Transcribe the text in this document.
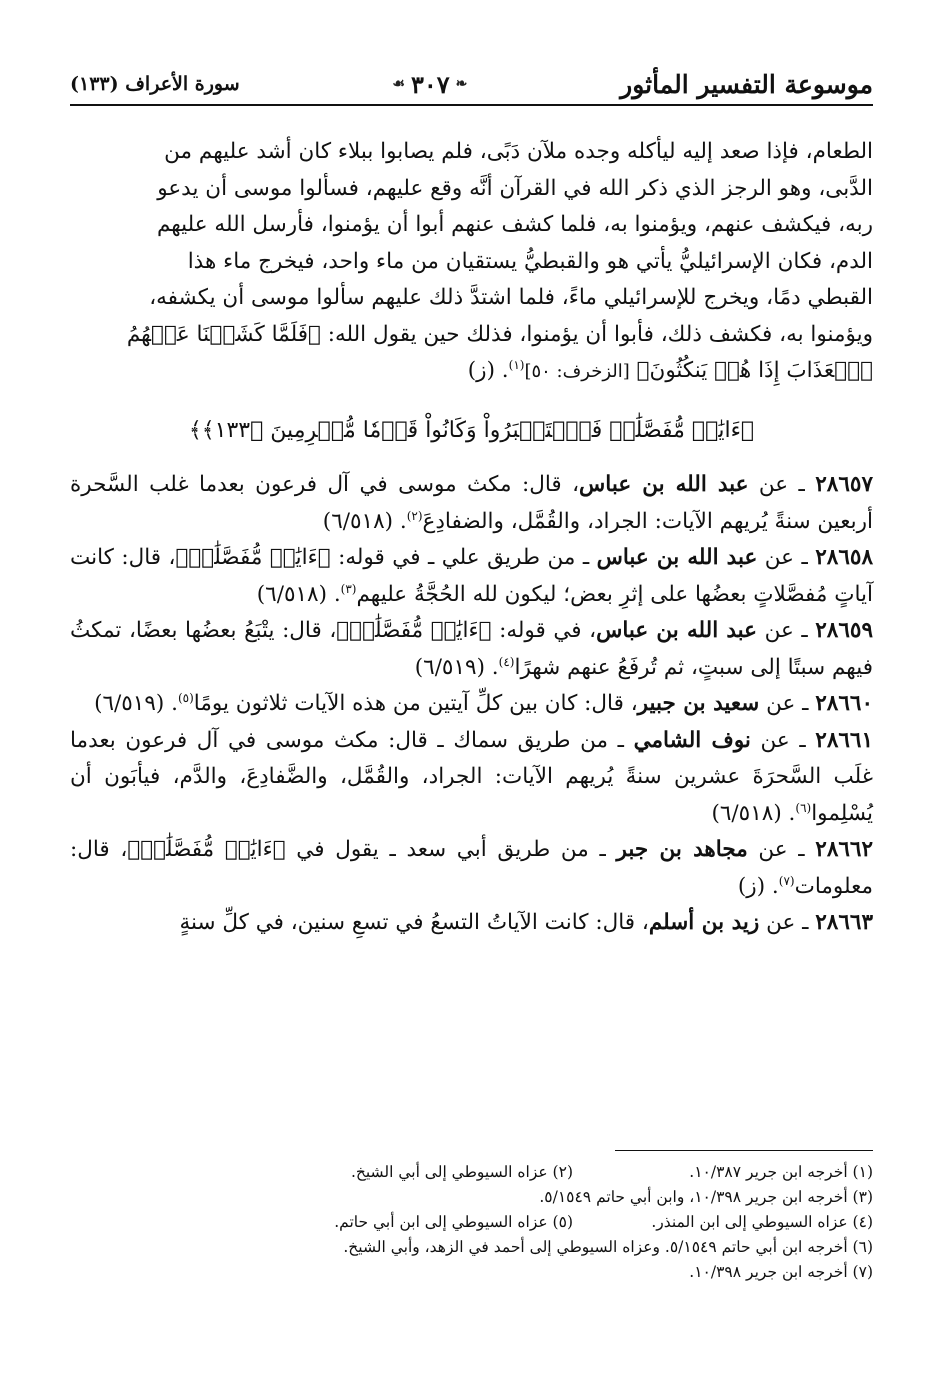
موسوعة التفسير المأثور
❧
٣٠٧
☙
سورة الأعراف (١٣٣)

الطعام، فإذا صعد إليه ليأكله وجده ملآن دَبًى، فلم يصابوا ببلاء كان أشد عليهم من

الدَّبى، وهو الرجز الذي ذكر الله في القرآن أنَّه وقع عليهم، فسألوا موسى أن يدعو

ربه، فيكشف عنهم، ويؤمنوا به، فلما كشف عنهم أبوا أن يؤمنوا، فأرسل الله عليهم

الدم، فكان الإسرائيليُّ يأتي هو والقبطيُّ يستقيان من ماء واحد، فيخرج ماء هذا

القبطي دمًا، ويخرج للإسرائيلي ماءً، فلما اشتدَّ ذلك عليهم سألوا موسى أن يكشفه،

ويؤمنوا به، فكشف ذلك، فأبوا أن يؤمنوا، فذلك حين يقول الله: ﴿فَلَمَّا كَشَفۡنَا عَنۡهُمُ

ٱلۡعَذَابَ إِذَا هُمۡ يَنكُثُونَ﴾ [الزخرف: ٥٠]$^{(١)}$. (ز)

﴿ءَايَٰتٖ مُّفَصَّلَٰتٖ فَٱسۡتَكۡبَرُواْ وَكَانُواْ قَوۡمٗا مُّجۡرِمِينَ ﴿١٣٣﴾﴾

٢٨٦٥٧ ـ عن عبد الله بن عباس، قال: مكث موسى في آل فرعون بعدما غلب السَّحرة أربعين سنةً يُريهم الآيات: الجراد، والقُمَّل، والضفادِعَ$^{(٢)}$. (٦/٥١٨)

٢٨٦٥٨ ـ عن عبد الله بن عباس ـ من طريق علي ـ في قوله: ﴿ءَايَٰتٖ مُّفَصَّلَٰتٖ﴾، قال: كانت آياتٍ مُفصَّلاتٍ بعضُها على إثرِ بعض؛ ليكون لله الحُجَّةُ عليهم$^{(٣)}$. (٦/٥١٨)

٢٨٦٥٩ ـ عن عبد الله بن عباس، في قوله: ﴿ءَايَٰتٖ مُّفَصَّلَٰتٖ﴾، قال: يتْبَعُ بعضُها بعضًا، تمكثُ فيهم سبتًا إلى سبتٍ، ثم تُرفَعُ عنهم شهرًا$^{(٤)}$. (٦/٥١٩)

٢٨٦٦٠ ـ عن سعيد بن جبير، قال: كان بين كلِّ آيتين من هذه الآيات ثلاثون يومًا$^{(٥)}$. (٦/٥١٩)

٢٨٦٦١ ـ عن نوف الشامي ـ من طريق سماك ـ قال: مكث موسى في آل فرعون بعدما غلَب السَّحرَةَ عشرين سنةً يُريهم الآيات: الجراد، والقُمَّل، والضَّفادِعَ، والدَّم، فيأبَون أن يُسْلِموا$^{(٦)}$. (٦/٥١٨)

٢٨٦٦٢ ـ عن مجاهد بن جبر ـ من طريق أبي سعد ـ يقول في ﴿ءَايَٰتٖ مُّفَصَّلَٰتٖ﴾، قال: معلومات$^{(٧)}$. (ز)

٢٨٦٦٣ ـ عن زيد بن أسلم، قال: كانت الآياتُ التسعُ في تسعِ سنين، في كلِّ سنةٍ

(١) أخرجه ابن جرير ١٠/٣٨٧.
(٢) عزاه السيوطي إلى أبي الشيخ.
(٣) أخرجه ابن جرير ١٠/٣٩٨، وابن أبي حاتم ٥/١٥٤٩.
(٤) عزاه السيوطي إلى ابن المنذر.
(٥) عزاه السيوطي إلى ابن أبي حاتم.
(٦) أخرجه ابن أبي حاتم ٥/١٥٤٩. وعزاه السيوطي إلى أحمد في الزهد، وأبي الشيخ.
(٧) أخرجه ابن جرير ١٠/٣٩٨.
